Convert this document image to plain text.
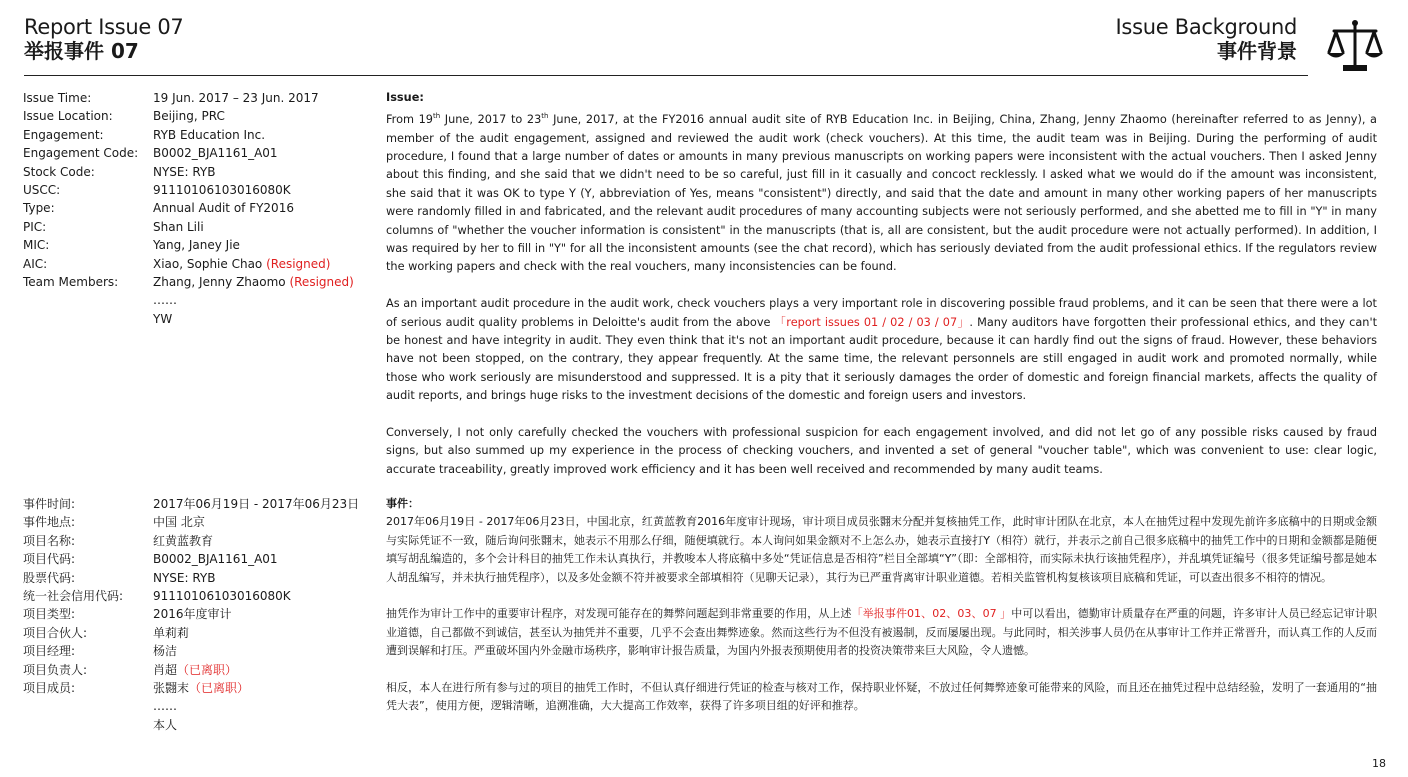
Report Issue 07
举报事件 07
Issue Background
事件背景
Issue Time:	19 Jun. 2017 – 23 Jun. 2017
Issue Location:	Beijing, PRC
Engagement:	RYB Education Inc.
Engagement Code:	B0002_BJA1161_A01
Stock Code:	NYSE: RYB
USCC:	91110106103016080K
Type:	Annual Audit of FY2016
PIC:	Shan Lili
MIC:	Yang, Janey Jie
AIC:	Xiao, Sophie Chao (Resigned)
Team Members:	Zhang, Jenny Zhaomo (Resigned)
……
YW
Issue:

From 19th June, 2017 to 23th June, 2017, at the FY2016 annual audit site of RYB Education Inc. in Beijing, China, Zhang, Jenny Zhaomo (hereinafter referred to as Jenny), a member of the audit engagement, assigned and reviewed the audit work (check vouchers). At this time, the audit team was in Beijing. During the performing of audit procedure, I found that a large number of dates or amounts in many previous manuscripts on working papers were inconsistent with the actual vouchers. Then I asked Jenny about this finding, and she said that we didn't need to be so careful, just fill in it casually and concoct recklessly. I asked what we would do if the amount was inconsistent, she said that it was OK to type Y (Y, abbreviation of Yes, means "consistent") directly, and said that the date and amount in many other working papers of her manuscripts were randomly filled in and fabricated, and the relevant audit procedures of many accounting subjects were not seriously performed, and she abetted me to fill in "Y" in many columns of "whether the voucher information is consistent" in the manuscripts (that is, all are consistent, but the audit procedure were not actually performed). In addition, I was required by her to fill in "Y" for all the inconsistent amounts (see the chat record), which has seriously deviated from the audit professional ethics. If the regulators review the working papers and check with the real vouchers, many inconsistencies can be found.

As an important audit procedure in the audit work, check vouchers plays a very important role in discovering possible fraud problems, and it can be seen that there were a lot of serious audit quality problems in Deloitte's audit from the above 「report issues 01 / 02 / 03 / 07」. Many auditors have forgotten their professional ethics, and they can't be honest and have integrity in audit. They even think that it's not an important audit procedure, because it can hardly find out the signs of fraud. However, these behaviors have not been stopped, on the contrary, they appear frequently. At the same time, the relevant personnels are still engaged in audit work and promoted normally, while those who work seriously are misunderstood and suppressed. It is a pity that it seriously damages the order of domestic and foreign financial markets, affects the quality of audit reports, and brings huge risks to the investment decisions of the domestic and foreign users and investors.

Conversely, I not only carefully checked the vouchers with professional suspicion for each engagement involved, and did not let go of any possible risks caused by fraud signs, but also summed up my experience in the process of checking vouchers, and invented a set of general "voucher table", which was convenient to use: clear logic, accurate traceability, greatly improved work efficiency and it has been well received and recommended by many audit teams.

事件时间:	2017年06月19日 - 2017年06月23日
事件地点:	中国 北京
项目名称:	红黄蓝教育
项目代码:	B0002_BJA1161_A01
股票代码:	NYSE: RYB
统一社会信用代码:	91110106103016080K
项目类型:	2016年度审计
项目合伙人:	单莉莉
项目经理:	杨洁
项目负责人:	肖超（已离职）
项目成员:	张翾末（已离职）
……
本人
事件：

2017年06月19日 - 2017年06月23日，中国北京，红黄蓝教育2016年度审计现场，审计项目成员张翾末分配并复核抽凭工作，此时审计团队在北京，本人在抽凭过程中发现先前许多底稿中的日期或金额与实际凭证不一致，随后询问张翾末，她表示不用那么仔细，随便填就行。本人询问如果金额对不上怎么办，她表示直接打Y（相符）就行，并表示之前自己很多底稿中的抽凭工作中的日期和金额都是随便填写胡乱编造的，多个会计科目的抽凭工作未认真执行，并教唆本人将底稿中多处“凭证信息是否相符”栏目全部填“Y”（即：全部相符，而实际未执行该抽凭程序），并乱填凭证编号（很多凭证编号都是她本人胡乱编写，并未执行抽凭程序），以及多处金额不符并被要求全部填相符（见聊天记录），其行为已严重背离审计职业道德。若相关监管机构复核该项目底稿和凭证，可以查出很多不相符的情况。

抽凭作为审计工作中的重要审计程序，对发现可能存在的舞弊问题起到非常重要的作用，从上述「举报事件01、02、03、07 」中可以看出，德勤审计质量存在严重的问题，许多审计人员已经忘记审计职业道德，自己都做不到诚信，甚至认为抽凭并不重要，几乎不会查出舞弊迹象。然而这些行为不但没有被遏制，反而屡屡出现。与此同时，相关涉事人员仍在从事审计工作并正常晋升，而认真工作的人反而遭到误解和打压。严重破坏国内外金融市场秩序，影响审计报告质量，为国内外报表预期使用者的投资决策带来巨大风险，令人遗憾。

相反，本人在进行所有参与过的项目的抽凭工作时，不但认真仔细进行凭证的检查与核对工作，保持职业怀疑，不放过任何舞弊迹象可能带来的风险，而且还在抽凭过程中总结经验，发明了一套通用的“抽凭大表”，使用方便，逻辑清晰，追溯准确，大大提高工作效率，获得了许多项目组的好评和推荐。

18
